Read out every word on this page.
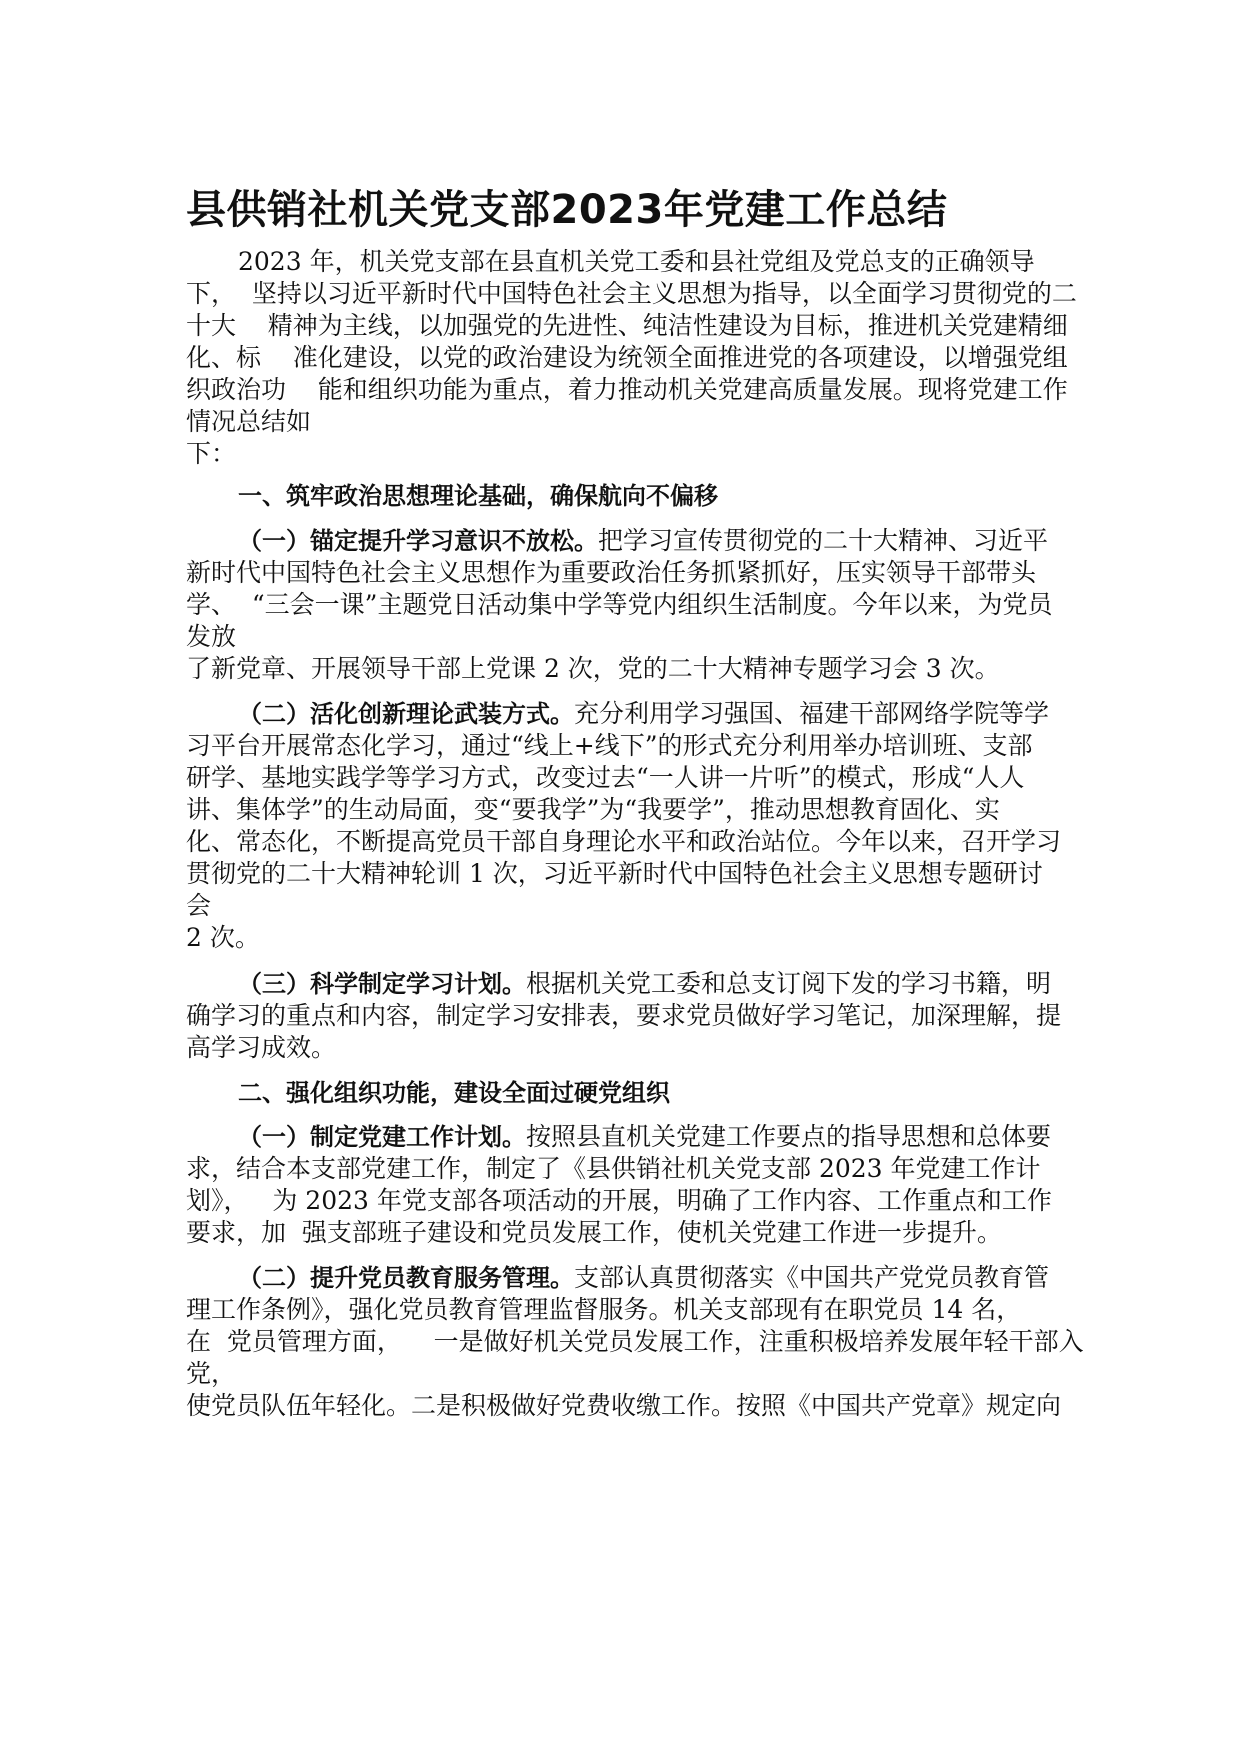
县供销社机关党支部2023年党建工作总结
2023 年，机关党支部在县直机关党工委和县社党组及党总支的正确领导
下，  坚持以习近平新时代中国特色社会主义思想为指导，以全面学习贯彻党的二
十大    精神为主线，以加强党的先进性、纯洁性建设为目标，推进机关党建精细
化、标    准化建设，以党的政治建设为统领全面推进党的各项建设，以增强党组
织政治功    能和组织功能为重点，着力推动机关党建高质量发展。现将党建工作
情况总结如
下：
一、筑牢政治思想理论基础，确保航向不偏移
（一）锚定提升学习意识不放松。把学习宣传贯彻党的二十大精神、习近平
新时代中国特色社会主义思想作为重要政治任务抓紧抓好，压实领导干部带头
学、  “三会一课”主题党日活动集中学等党内组织生活制度。今年以来，为党员
发放
了新党章、开展领导干部上党课 2 次，党的二十大精神专题学习会 3 次。
（二）活化创新理论武装方式。充分利用学习强国、福建干部网络学院等学
习平台开展常态化学习，通过“线上+线下”的形式充分利用举办培训班、支部
研学、基地实践学等学习方式，改变过去“一人讲一片听”的模式，形成“人人
讲、集体学”的生动局面，变“要我学”为“我要学”，推动思想教育固化、实
化、常态化，不断提高党员干部自身理论水平和政治站位。今年以来，召开学习
贯彻党的二十大精神轮训 1 次，习近平新时代中国特色社会主义思想专题研讨
会
2 次。
（三）科学制定学习计划。根据机关党工委和总支订阅下发的学习书籍，明
确学习的重点和内容，制定学习安排表，要求党员做好学习笔记，加深理解，提
高学习成效。
二、强化组织功能，建设全面过硬党组织
（一）制定党建工作计划。按照县直机关党建工作要点的指导思想和总体要
求，结合本支部党建工作，制定了《县供销社机关党支部 2023 年党建工作计
划》，   为 2023 年党支部各项活动的开展，明确了工作内容、工作重点和工作
要求，加  强支部班子建设和党员发展工作，使机关党建工作进一步提升。
（二）提升党员教育服务管理。支部认真贯彻落实《中国共产党党员教育管
理工作条例》，强化党员教育管理监督服务。机关支部现有在职党员 14 名，
在  党员管理方面，    一是做好机关党员发展工作，注重积极培养发展年轻干部入
党，
使党员队伍年轻化。二是积极做好党费收缴工作。按照《中国共产党章》规定向
